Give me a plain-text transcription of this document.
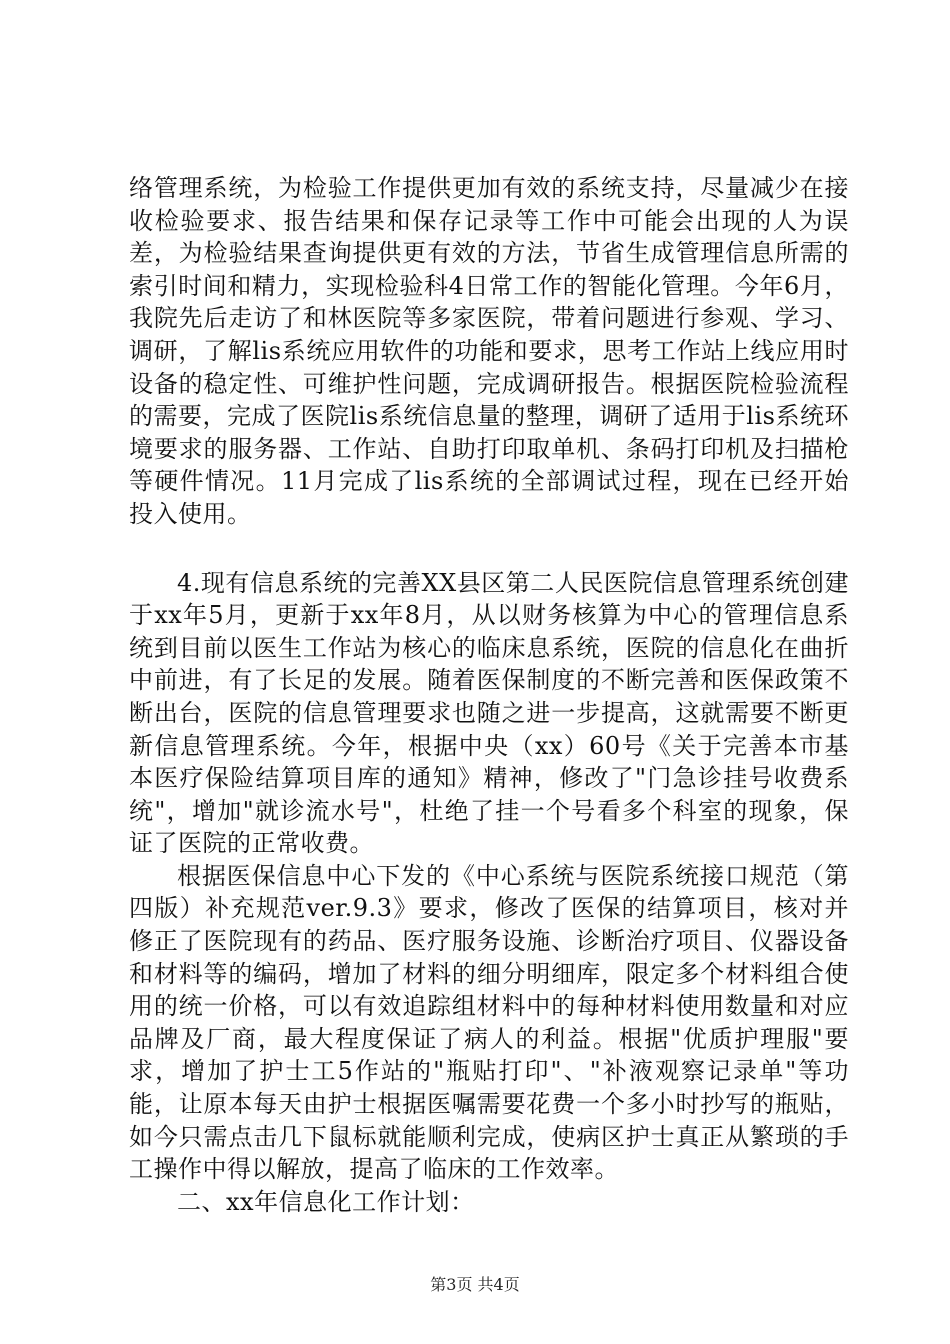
络管理系统，为检验工作提供更加有效的系统支持，尽量减少在接收检验要求、报告结果和保存记录等工作中可能会出现的人为误差，为检验结果查询提供更有效的方法，节省生成管理信息所需的索引时间和精力，实现检验科4日常工作的智能化管理。今年6月，我院先后走访了和林医院等多家医院，带着问题进行参观、学习、调研，了解lis系统应用软件的功能和要求，思考工作站上线应用时设备的稳定性、可维护性问题，完成调研报告。根据医院检验流程的需要，完成了医院lis系统信息量的整理，调研了适用于lis系统环境要求的服务器、工作站、自助打印取单机、条码打印机及扫描枪等硬件情况。11月完成了lis系统的全部调试过程，现在已经开始投入使用。

4.现有信息系统的完善XX县区第二人民医院信息管理系统创建于xx年5月，更新于xx年8月，从以财务核算为中心的管理信息系统到目前以医生工作站为核心的临床息系统，医院的信息化在曲折中前进，有了长足的发展。随着医保制度的不断完善和医保政策不断出台，医院的信息管理要求也随之进一步提高，这就需要不断更新信息管理系统。今年，根据中央（xx）60号《关于完善本市基本医疗保险结算项目库的通知》精神，修改了"门急诊挂号收费系统"，增加"就诊流水号"，杜绝了挂一个号看多个科室的现象，保证了医院的正常收费。

根据医保信息中心下发的《中心系统与医院系统接口规范（第四版）补充规范ver.9.3》要求，修改了医保的结算项目，核对并修正了医院现有的药品、医疗服务设施、诊断治疗项目、仪器设备和材料等的编码，增加了材料的细分明细库，限定多个材料组合使用的统一价格，可以有效追踪组材料中的每种材料使用数量和对应品牌及厂商，最大程度保证了病人的利益。根据"优质护理服"要求，增加了护士工5作站的"瓶贴打印"、"补液观察记录单"等功能，让原本每天由护士根据医嘱需要花费一个多小时抄写的瓶贴，如今只需点击几下鼠标就能顺利完成，使病区护士真正从繁琐的手工操作中得以解放，提高了临床的工作效率。

二、xx年信息化工作计划：

第3页 共4页
